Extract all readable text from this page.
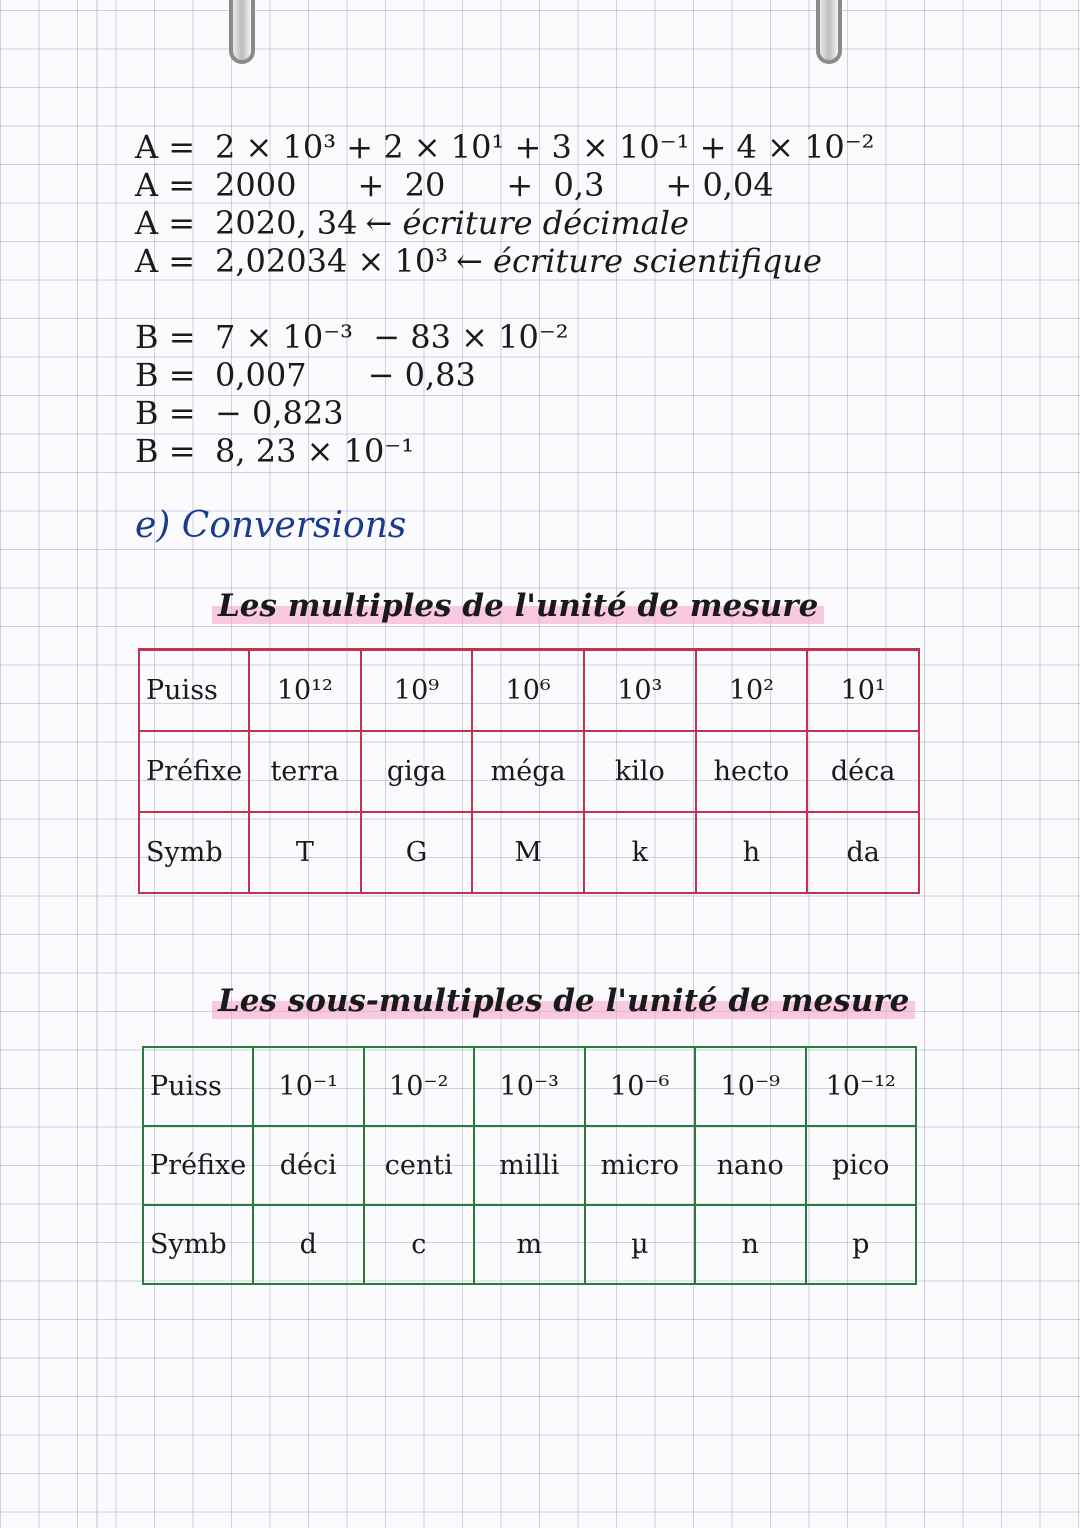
A = 2 × 10³ + 2 × 10¹ + 3 × 10⁻¹ + 4 × 10⁻²
A = 2000      +  20      +  0,3      + 0,04
A = 2020, 34 ← écriture décimale
A = 2,02034 × 10³ ← écriture scientifique
B = 7 × 10⁻³  − 83 × 10⁻²
B = 0,007      − 0,83
B = − 0,823
B = 8, 23 × 10⁻¹
e) Conversions
Les multiples de l'unité de mesure
Puiss	10¹²	10⁹	10⁶	10³	10²	10¹
Préfixe	terra	giga	méga	kilo	hecto	déca
Symb	T	G	M	k	h	da
Les sous-multiples de l'unité de mesure
Puiss	10⁻¹	10⁻²	10⁻³	10⁻⁶	10⁻⁹	10⁻¹²
Préfixe	déci	centi	milli	micro	nano	pico
Symb	d	c	m	µ	n	p
